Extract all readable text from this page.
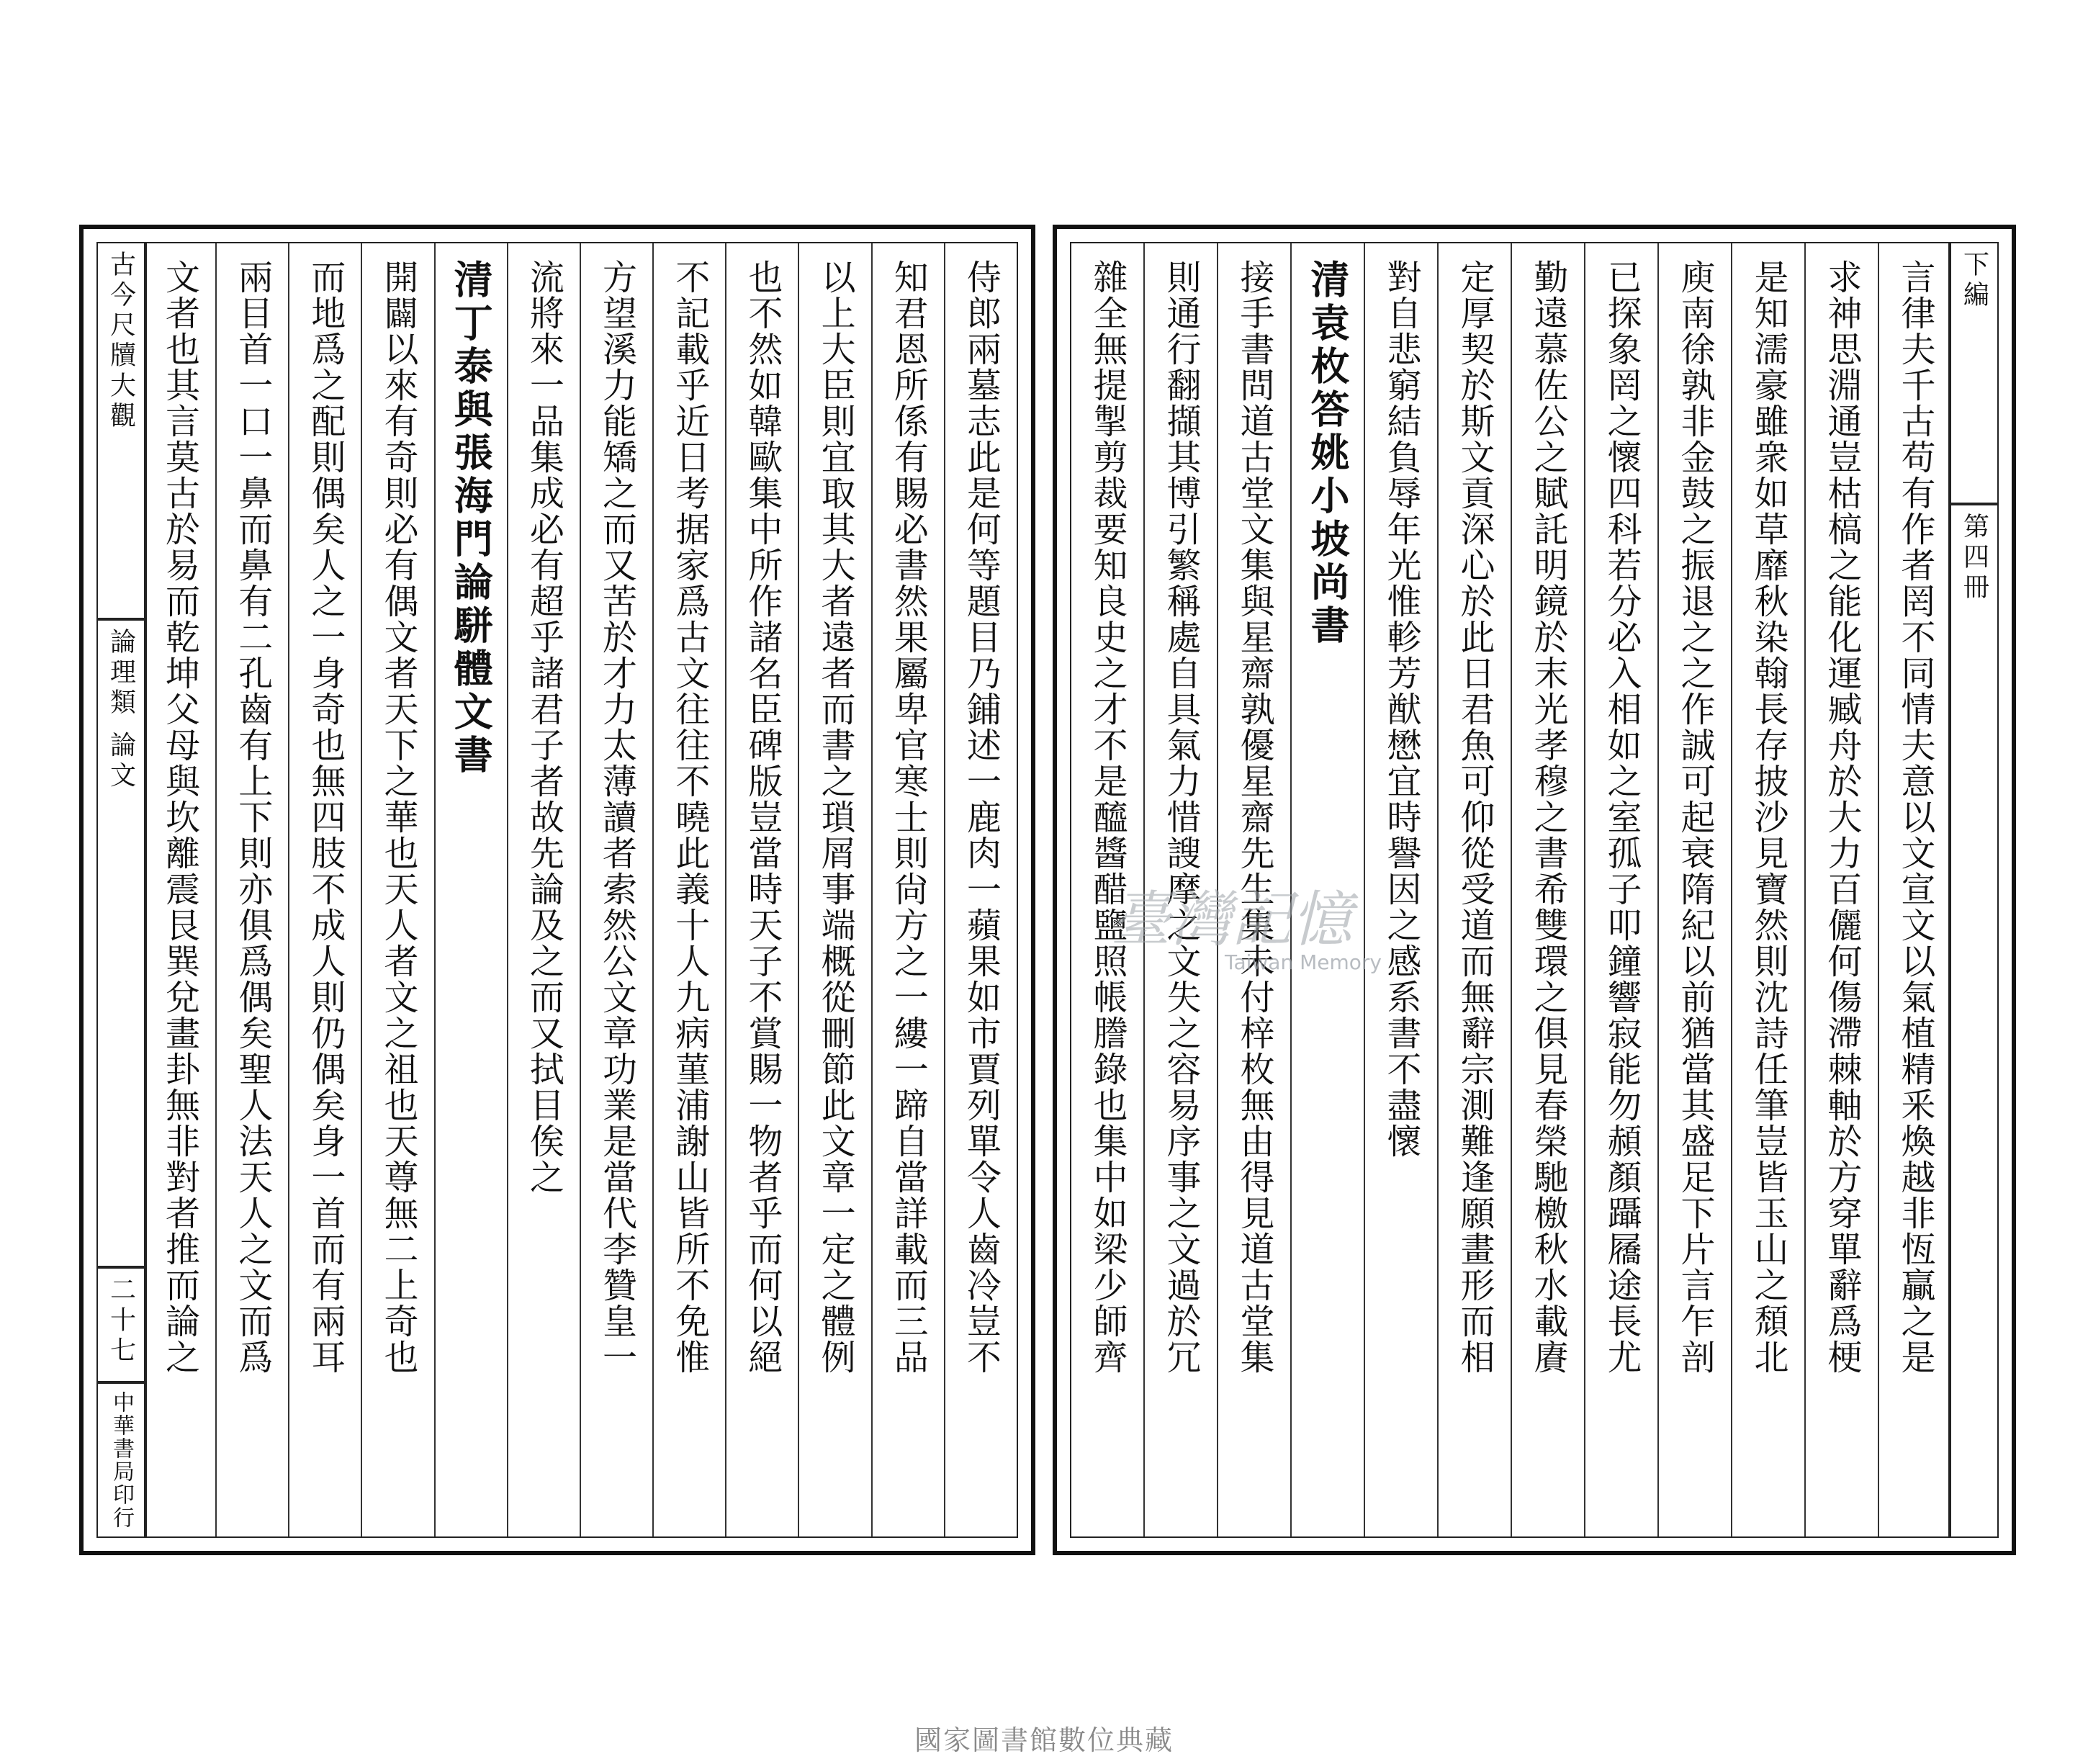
下編
第四冊
言律夫千古苟有作者罔不同情夫意以文宣文以氣植精釆煥越非恆贏之是
求神思淵通豈枯槁之能化運臧舟於大力百儷何傷滯棘軸於方穿單辭爲梗
是知濡豪雖衆如草靡秋染翰長存披沙見寶然則沈詩任筆豈皆玉山之頹北
庾南徐孰非金鼓之振退之之作誠可起衰隋紀以前猶當其盛足下片言乍剖
已探象罔之懷四科若分必入相如之室孤子叩鐘響寂能勿頳顏躡屩途長尤
勤遠慕佐公之賦託明鏡於末光孝穆之書希雙環之俱見春榮馳檄秋水載賡
定厚契於斯文貢深心於此日君魚可仰從受道而無辭宗測難逢願畫形而相
對自悲窮結負辱年光惟軫芳猷懋宜時譽因之感系書不盡懷
清袁枚答姚小坡尚書
接手書問道古堂文集與星齋孰優星齋先生集未付梓枚無由得見道古堂集
則通行翻擷其博引繁稱處自具氣力惜謏摩之文失之容易序事之文過於冗
雜全無提掣剪裁要知良史之才不是醯醬醋鹽照帳謄錄也集中如梁少師齊
古今尺牘大觀
論理類 論文
二十七
中華書局印行
侍郎兩墓志此是何等題目乃鋪述一鹿肉一蘋果如市賈列單令人齒冷豈不
知君恩所係有賜必書然果屬卑官寒士則尙方之一縷一蹄自當詳載而三品
以上大臣則宜取其大者遠者而書之瑣屑事端概從刪節此文章一定之體例
也不然如韓歐集中所作諸名臣碑版豈當時天子不賞賜一物者乎而何以絕
不記載乎近日考据家爲古文往往不曉此義十人九病菫浦謝山皆所不免惟
方望溪力能矯之而又苦於才力太薄讀者索然公文章功業是當代李贊皇一
流將來一品集成必有超乎諸君子者故先論及之而又拭目俟之
清丁泰與張海門論駢體文書
開闢以來有奇則必有偶文者天下之華也天人者文之祖也天尊無二上奇也
而地爲之配則偶矣人之一身奇也無四肢不成人則仍偶矣身一首而有兩耳
兩目首一口一鼻而鼻有二孔齒有上下則亦俱爲偶矣聖人法天人之文而爲
文者也其言莫古於易而乾坤父母與坎離震艮巽兌畫卦無非對者推而論之	臺灣記憶
Taiwan Memory
國家圖書館數位典藏
